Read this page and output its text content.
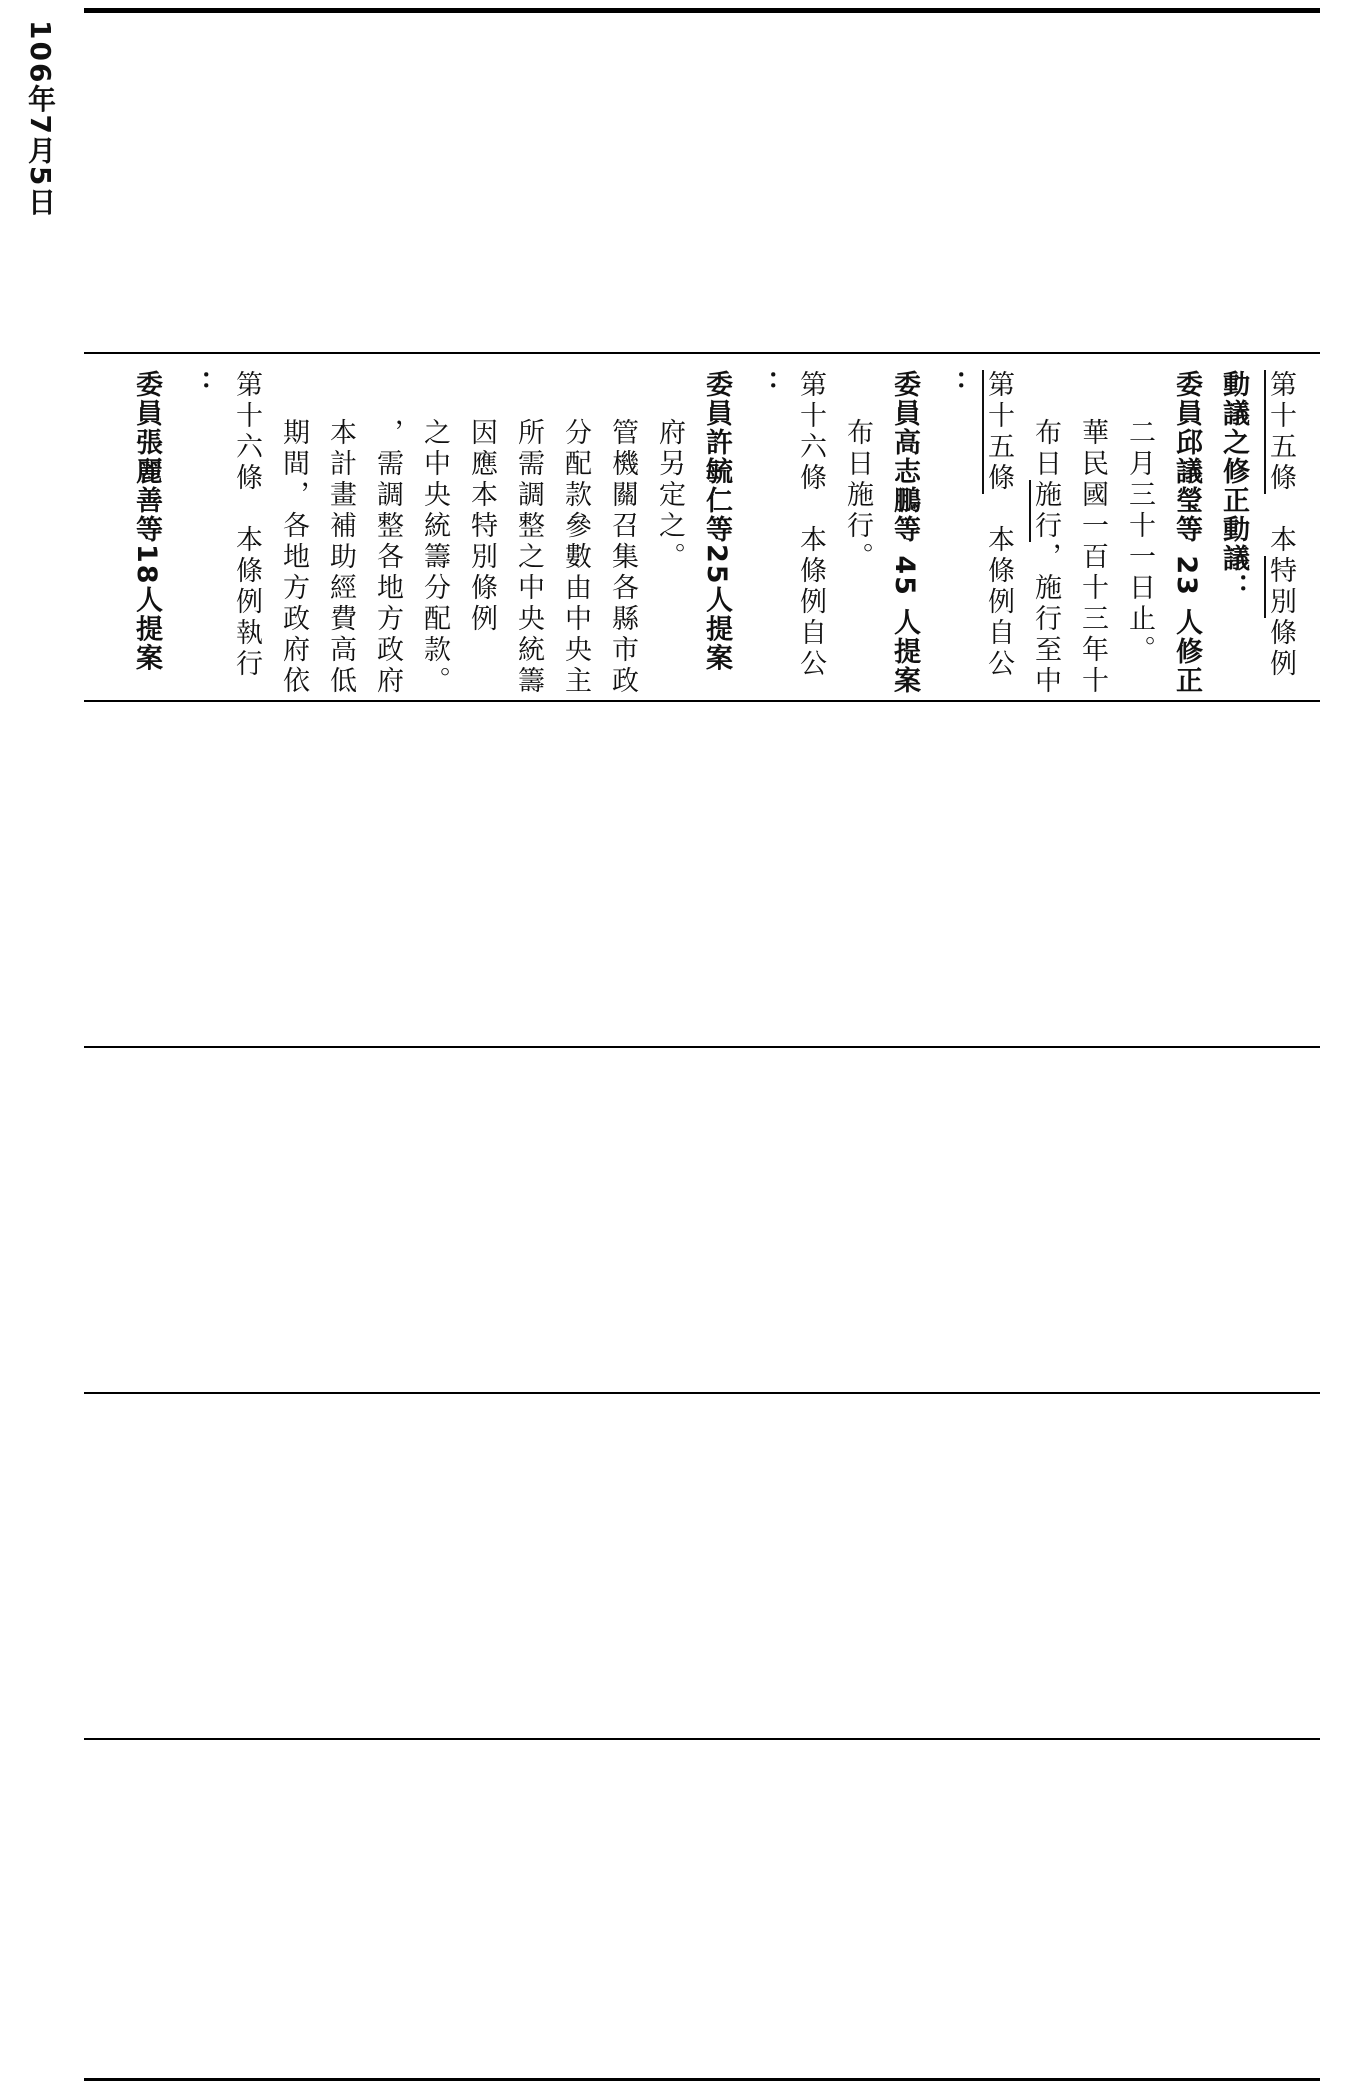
106年7月5日
委員張麗善等18人提案 ： 第十六條　本條例執行 期間，各地方政府依 本計畫補助經費高低 ，需調整各地方政府 之中央統籌分配款。 因應本特別條例 所需調整之中央統籌 分配款參數由中央主 管機關召集各縣市政 府另定之。 委員許毓仁等25人提案 ： 第十六條　本條例自公 布日施行。 委員高志鵬等 45 人提案 ： 第十五條　本條例自公
布日施行，施行至中 華民國一百十三年十 二月三十一日止。 委員邱議瑩等 23 人修正 動議之修正動議： 第十五條　本特別條例
